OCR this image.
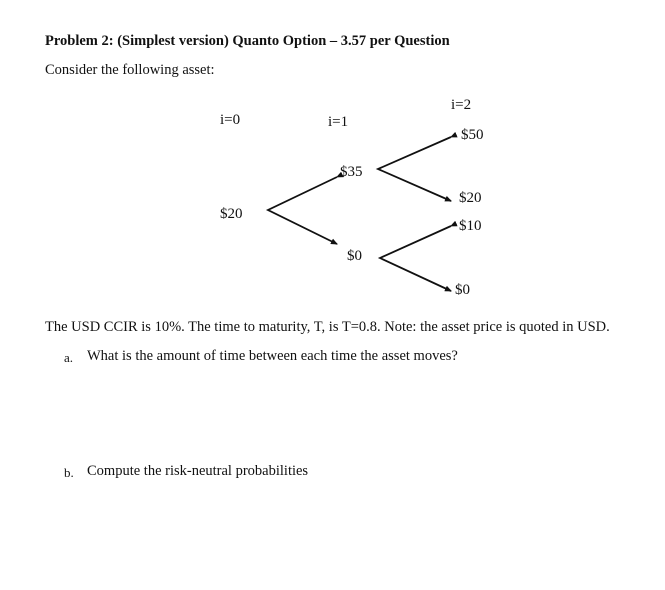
Problem 2: (Simplest version) Quanto Option – 3.57 per Question
Consider the following asset:
i=0	i=1
i=2
$20
$35
$0
$50
$20
$10
$0
The USD CCIR is 10%. The time to maturity, T, is T=0.8. Note: the asset price is quoted in USD.
a. What is the amount of time between each time the asset moves?
b. Compute the risk-neutral probabilities
